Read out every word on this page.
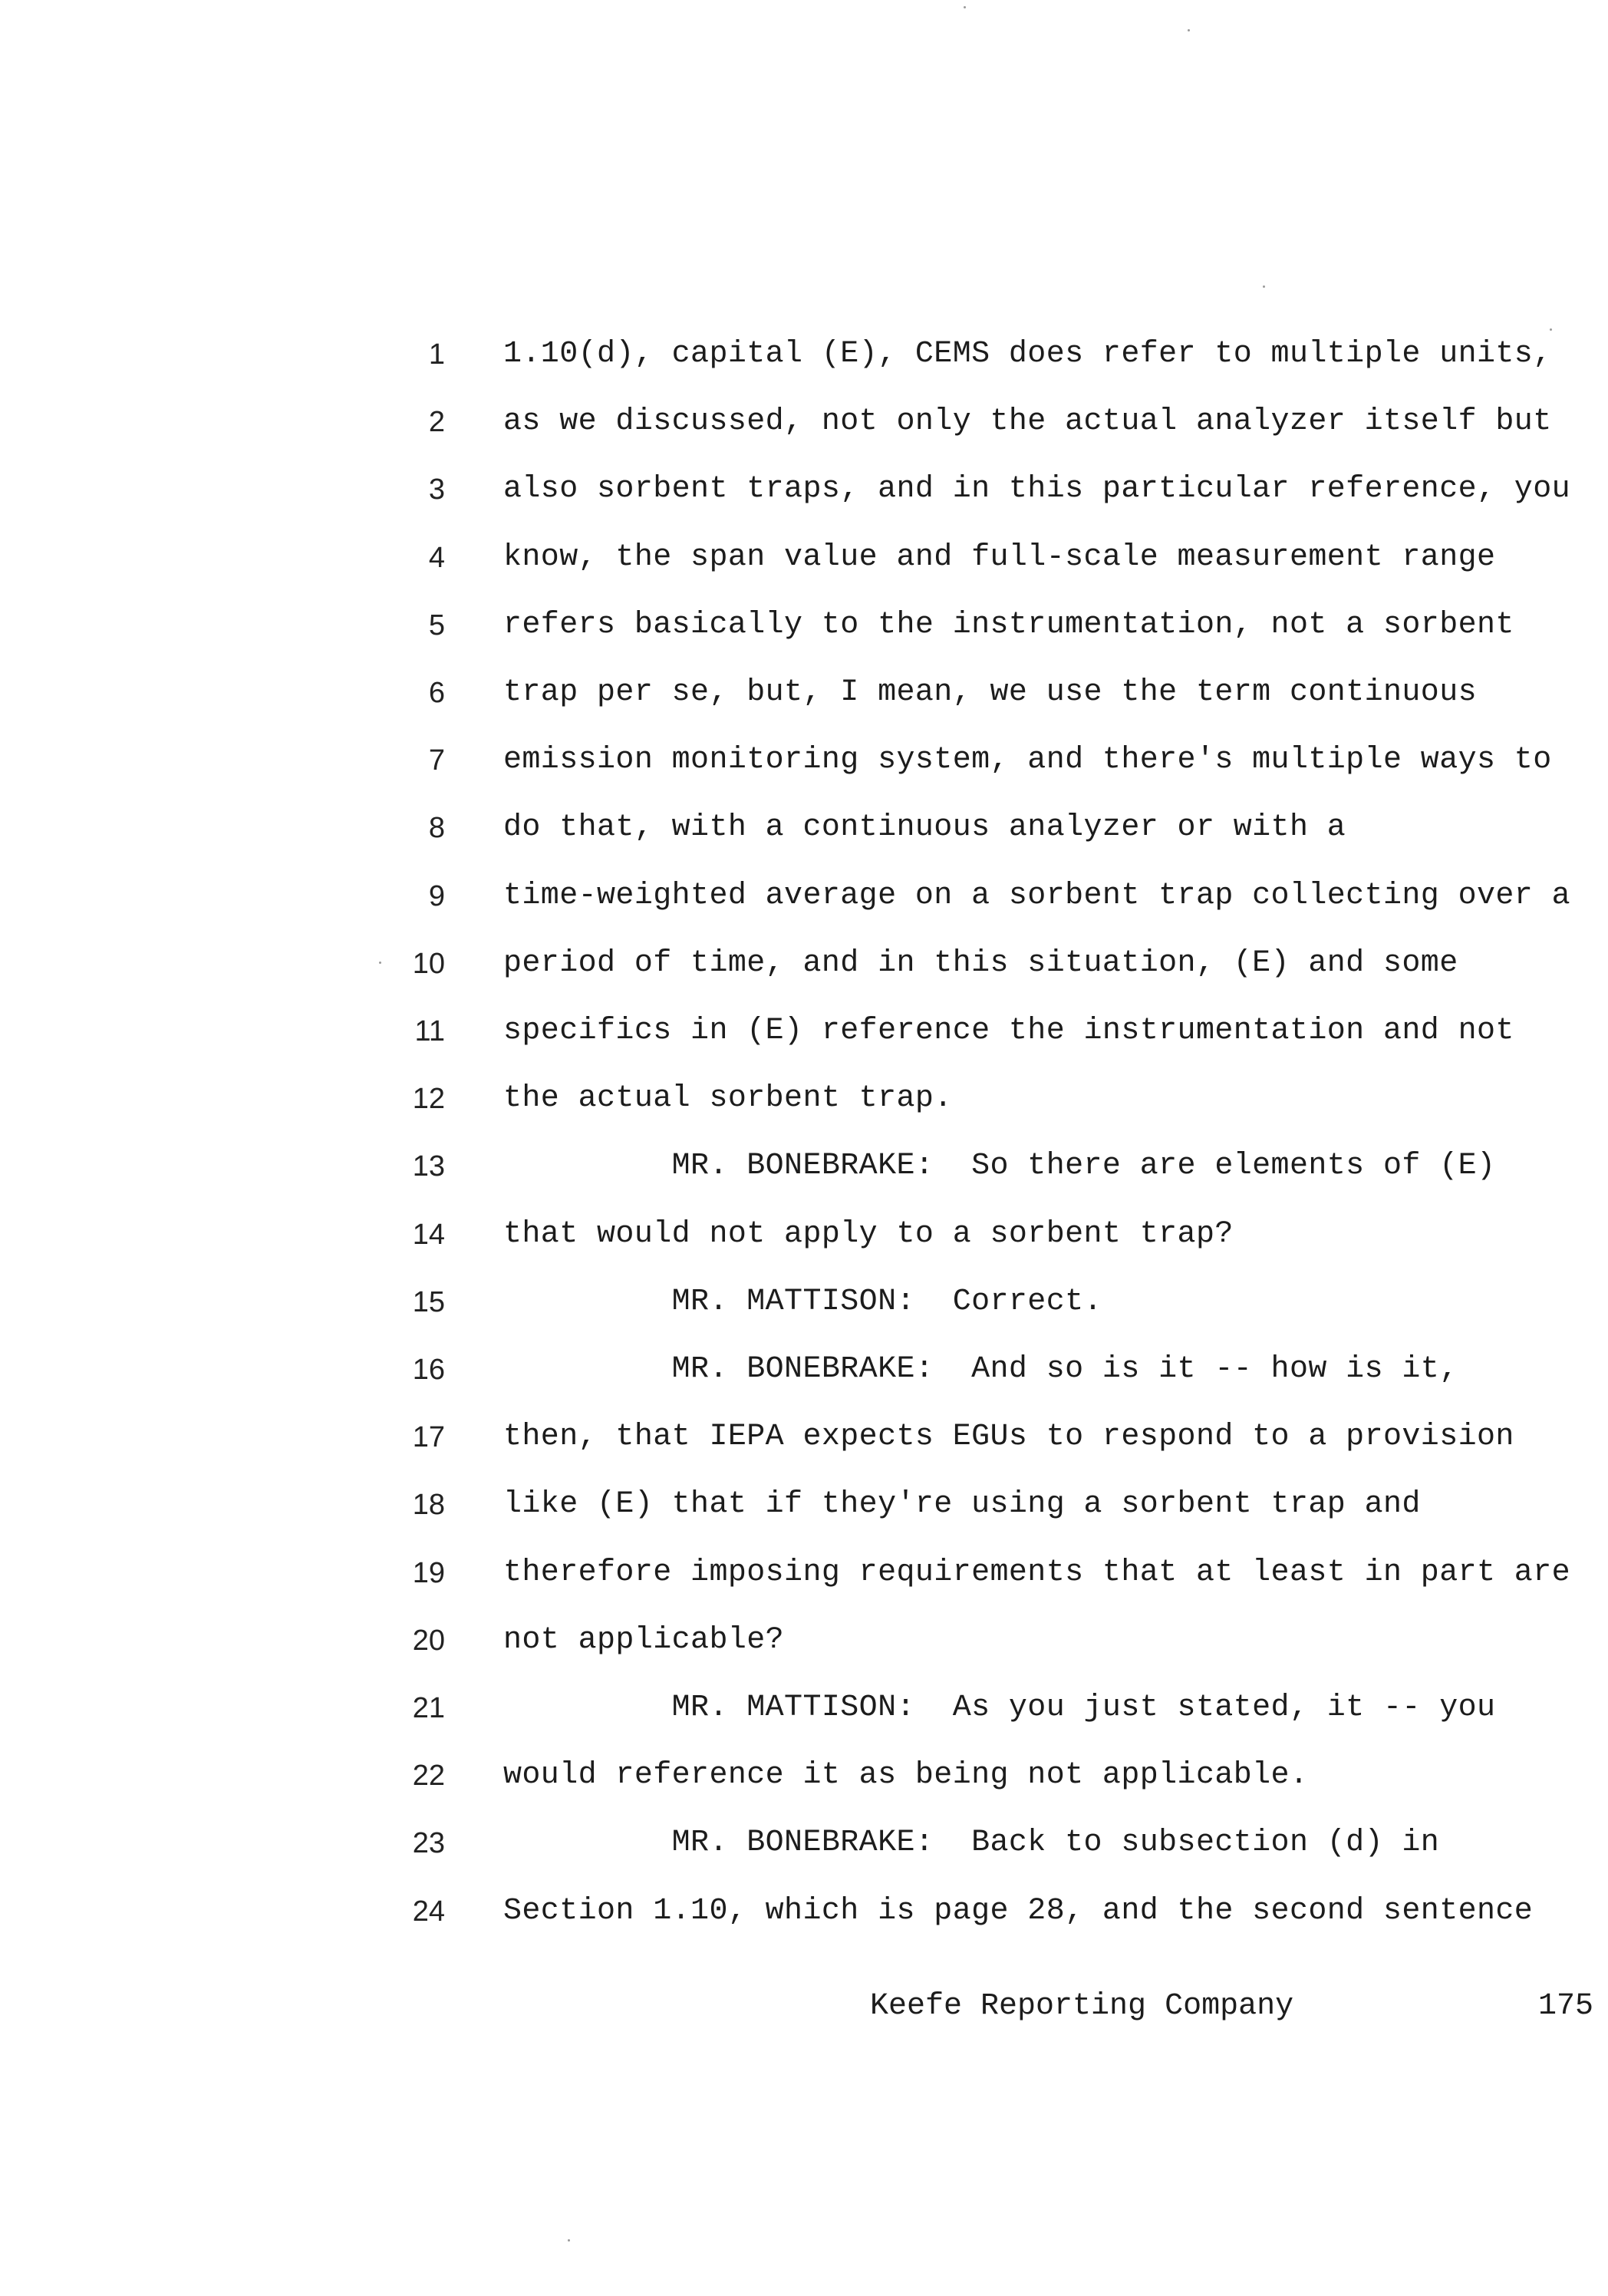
1 1.10(d), capital (E), CEMS does refer to multiple units,
2 as we discussed, not only the actual analyzer itself but
3 also sorbent traps, and in this particular reference, you
4 know, the span value and full-scale measurement range
5 refers basically to the instrumentation, not a sorbent
6 trap per se, but, I mean, we use the term continuous
7 emission monitoring system, and there's multiple ways to
8 do that, with a continuous analyzer or with a
9 time-weighted average on a sorbent trap collecting over a
10 period of time, and in this situation, (E) and some
11 specifics in (E) reference the instrumentation and not
12 the actual sorbent trap.
13 MR. BONEBRAKE:  So there are elements of (E)
14 that would not apply to a sorbent trap?
15 MR. MATTISON:  Correct.
16 MR. BONEBRAKE:  And so is it -- how is it,
17 then, that IEPA expects EGUs to respond to a provision
18 like (E) that if they're using a sorbent trap and
19 therefore imposing requirements that at least in part are
20 not applicable?
21 MR. MATTISON:  As you just stated, it -- you
22 would reference it as being not applicable.
23 MR. BONEBRAKE:  Back to subsection (d) in
24 Section 1.10, which is page 28, and the second sentence
Keefe Reporting Company	175
